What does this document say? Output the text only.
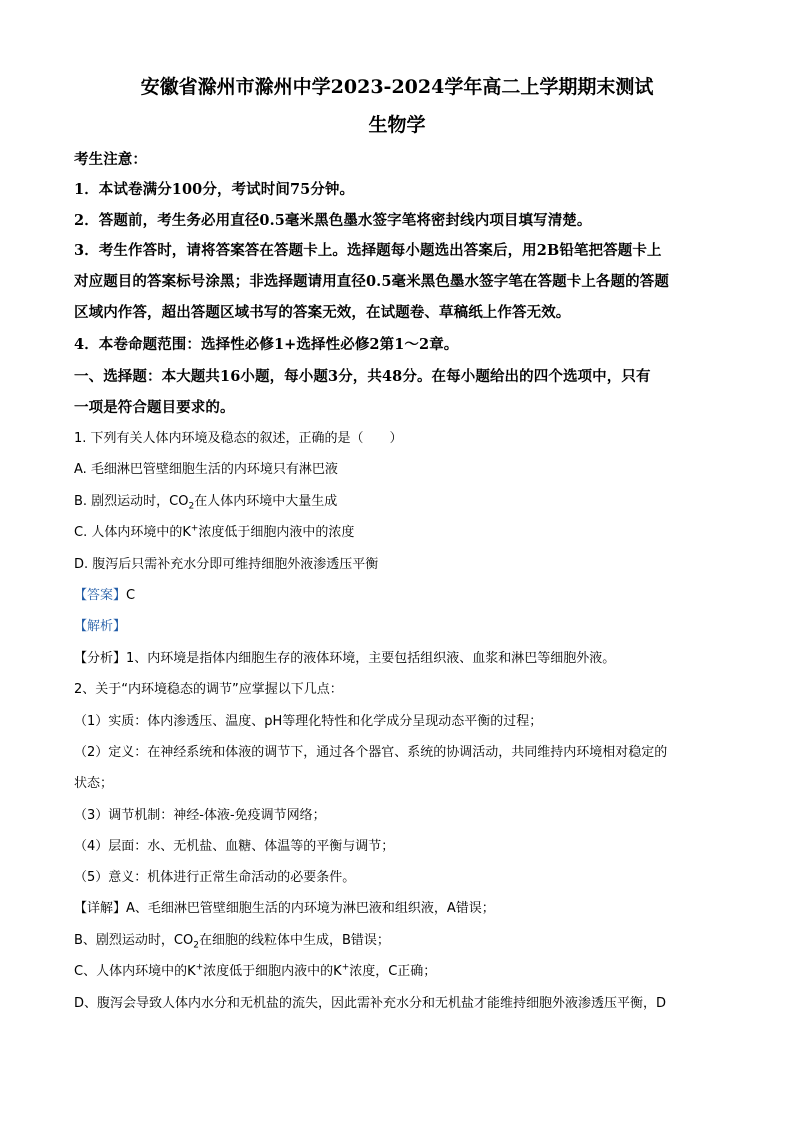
安徽省滁州市滁州中学2023-2024学年高二上学期期末测试
生物学
考生注意：
1．本试卷满分100分，考试时间75分钟。
2．答题前，考生务必用直径0.5毫米黑色墨水签字笔将密封线内项目填写清楚。
3．考生作答时，请将答案答在答题卡上。选择题每小题选出答案后，用2B铅笔把答题卡上
对应题目的答案标号涂黑；非选择题请用直径0.5毫米黑色墨水签字笔在答题卡上各题的答题
区域内作答，超出答题区域书写的答案无效，在试题卷、草稿纸上作答无效。
4．本卷命题范围：选择性必修1+选择性必修2第1～2章。
一、选择题：本大题共16小题，每小题3分，共48分。在每小题给出的四个选项中，只有
一项是符合题目要求的。
1. 下列有关人体内环境及稳态的叙述，正确的是（　　）
A. 毛细淋巴管壁细胞生活的内环境只有淋巴液
B. 剧烈运动时，$CO_2$在人体内环境中大量生成
C. 人体内环境中的K+浓度低于细胞内液中的浓度
D. 腹泻后只需补充水分即可维持细胞外液渗透压平衡
【答案】C
【解析】
【分析】1、内环境是指体内细胞生存的液体环境，主要包括组织液、血浆和淋巴等细胞外液。
2、关于“内环境稳态的调节”应掌握以下几点：
（1）实质：体内渗透压、温度、pH等理化特性和化学成分呈现动态平衡的过程；
（2）定义：在神经系统和体液的调节下，通过各个器官、系统的协调活动，共同维持内环境相对稳定的
状态；
（3）调节机制：神经-体液-免疫调节网络；
（4）层面：水、无机盐、血糖、体温等的平衡与调节；
（5）意义：机体进行正常生命活动的必要条件。
【详解】A、毛细淋巴管壁细胞生活的内环境为淋巴液和组织液，A错误；
B、剧烈运动时，$CO_2$在细胞的线粒体中生成，B错误；
C、人体内环境中的K+浓度低于细胞内液中的K+浓度，C正确；
D、腹泻会导致人体内水分和无机盐的流失，因此需补充水分和无机盐才能维持细胞外液渗透压平衡，D
